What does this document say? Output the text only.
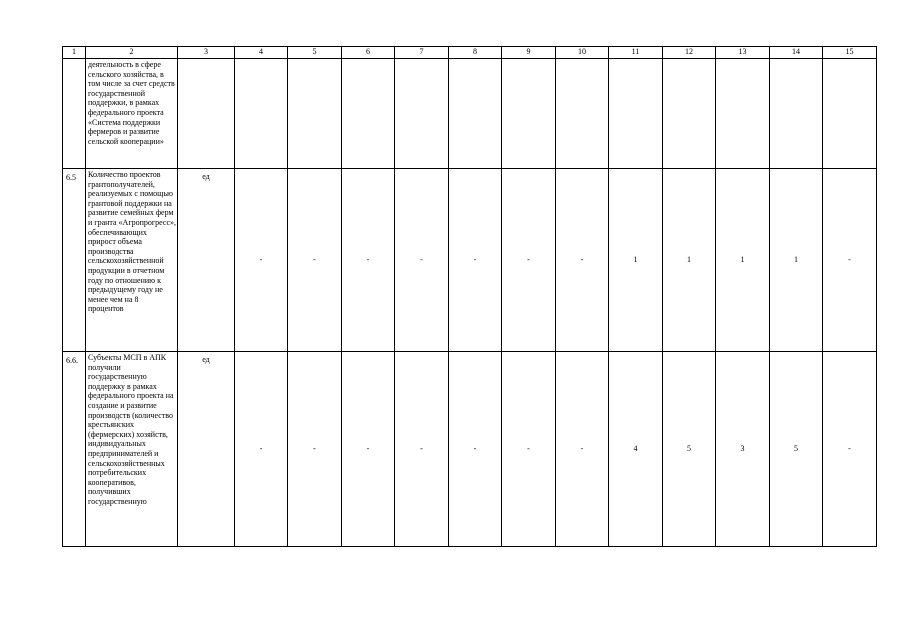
1	2	3	4	5	6	7	8	9	10	11	12	13	14	15
	деятельность в сфере сельского хозяйства, в том числе за счет средств государственной поддержки, в рамках федерального проекта «Система поддержки фермеров и развитие сельской кооперации»													
6.5	Количество проектов грантополучателей, реализуемых с помощью грантовой поддержки на развитие семейных ферм и гранта «Агропрогресс», обеспечивающих прирост объема производства сельскохозяйственной продукции в отчетном году по отношению к предыдущему году не менее чем на 8 процентов	ед	-	-	-	-	-	-	-	1	1	1	1	-
6.6.	Субъекты МСП в АПК получили государственную поддержку в рамках федерального проекта на создание и развитие производств (количество крестьянских (фермерских) хозяйств, индивидуальных предпринимателей и сельскохозяйственных потребительских кооперативов, получивших государственную	ед	-	-	-	-	-	-	-	4	5	3	5	-
